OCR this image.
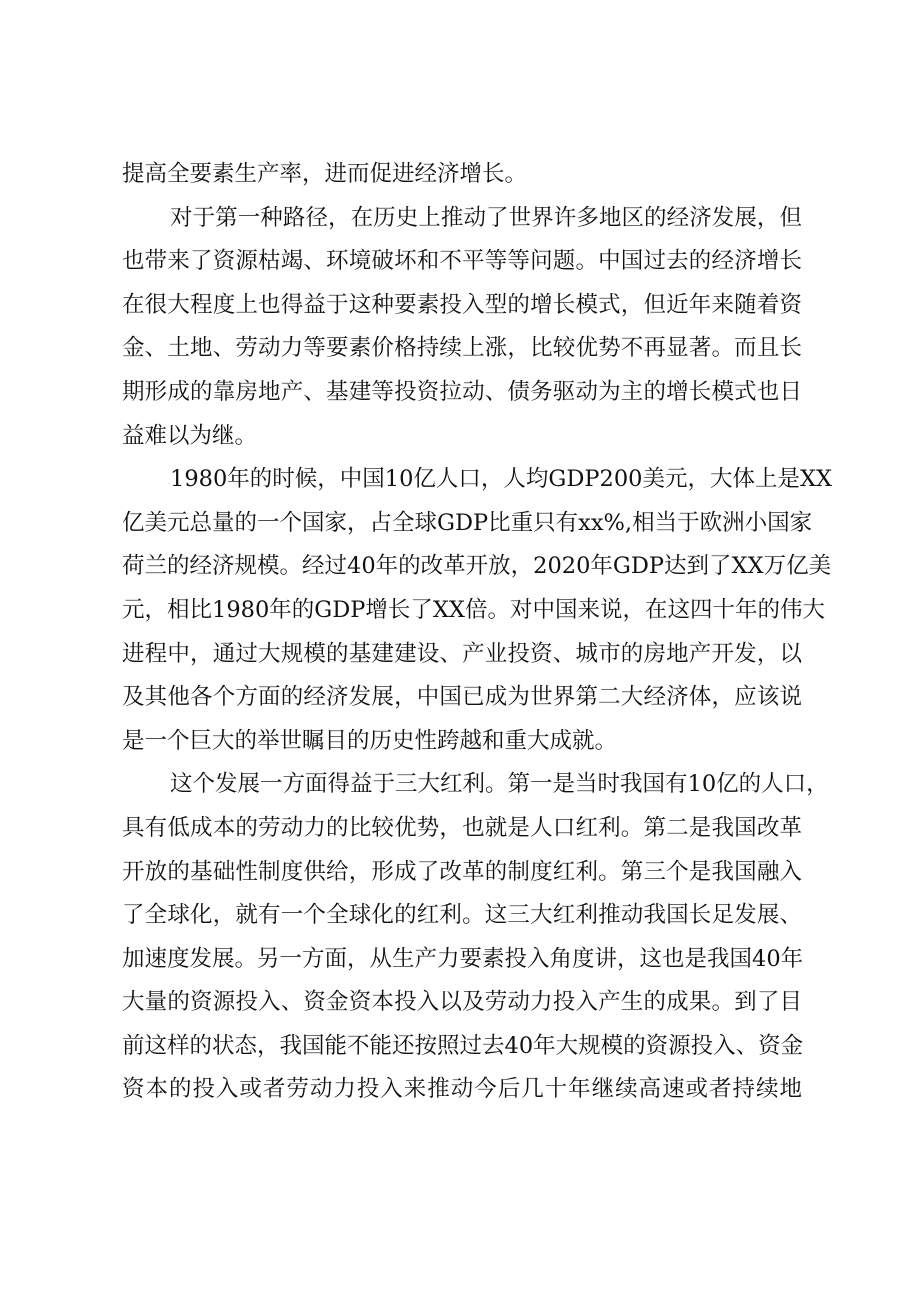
提高全要素生产率，进而促进经济增长。
对于第一种路径，在历史上推动了世界许多地区的经济发展，但
也带来了资源枯竭、环境破坏和不平等等问题。中国过去的经济增长
在很大程度上也得益于这种要素投入型的增长模式，但近年来随着资
金、土地、劳动力等要素价格持续上涨，比较优势不再显著。而且长
期形成的靠房地产、基建等投资拉动、债务驱动为主的增长模式也日
益难以为继。
1980年的时候，中国10亿人口，人均GDP200美元，大体上是XX
亿美元总量的一个国家，占全球GDP比重只有xx%,相当于欧洲小国家
荷兰的经济规模。经过40年的改革开放，2020年GDP达到了XX万亿美
元，相比1980年的GDP增长了XX倍。对中国来说，在这四十年的伟大
进程中，通过大规模的基建建设、产业投资、城市的房地产开发，以
及其他各个方面的经济发展，中国已成为世界第二大经济体，应该说
是一个巨大的举世瞩目的历史性跨越和重大成就。
这个发展一方面得益于三大红利。第一是当时我国有10亿的人口，
具有低成本的劳动力的比较优势，也就是人口红利。第二是我国改革
开放的基础性制度供给，形成了改革的制度红利。第三个是我国融入
了全球化，就有一个全球化的红利。这三大红利推动我国长足发展、
加速度发展。另一方面，从生产力要素投入角度讲，这也是我国40年
大量的资源投入、资金资本投入以及劳动力投入产生的成果。到了目
前这样的状态，我国能不能还按照过去40年大规模的资源投入、资金
资本的投入或者劳动力投入来推动今后几十年继续高速或者持续地
